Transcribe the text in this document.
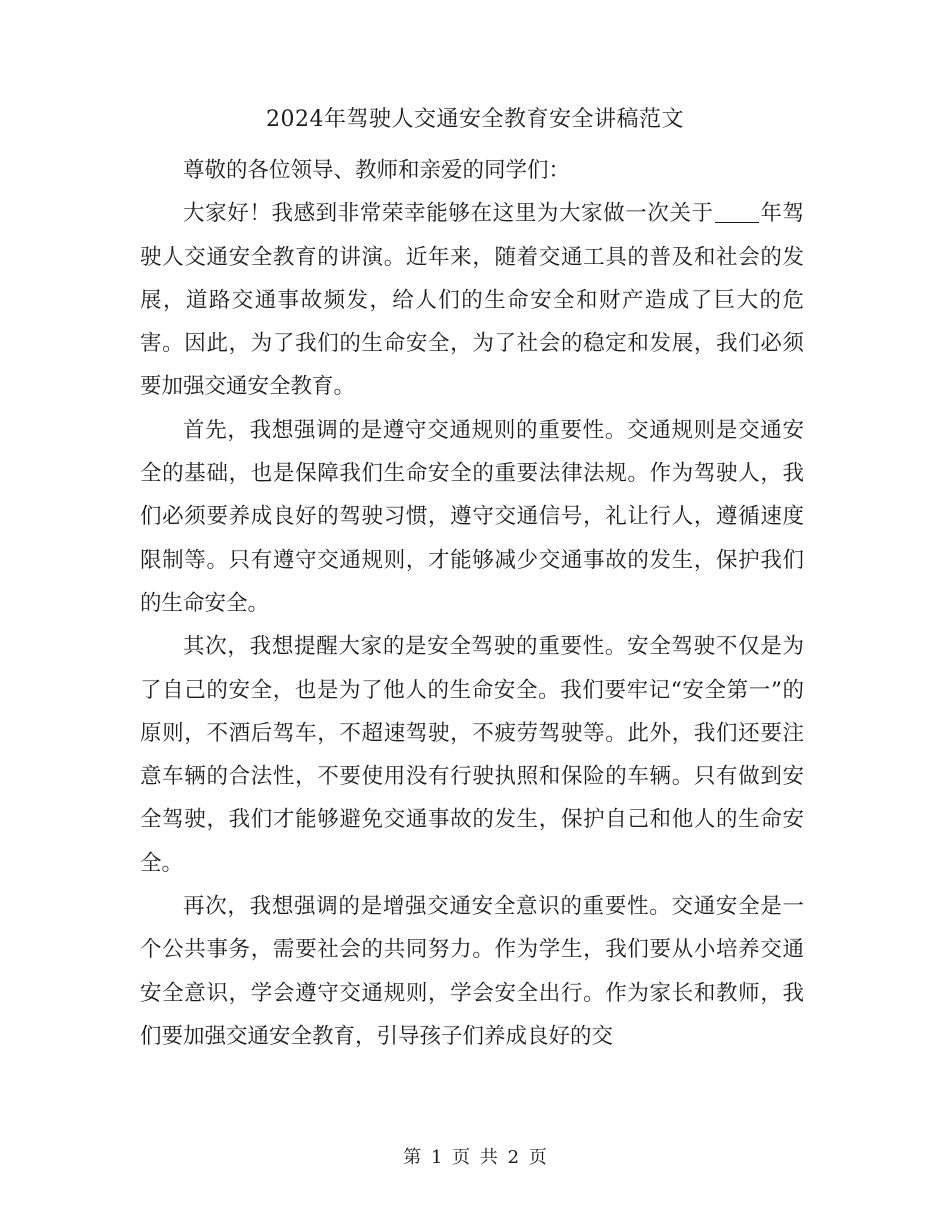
2024年驾驶人交通安全教育安全讲稿范文

尊敬的各位领导、教师和亲爱的同学们：

大家好！我感到非常荣幸能够在这里为大家做一次关于 年驾驶人交通安全教育的讲演。近年来，随着交通工具的普及和社会的发展，道路交通事故频发，给人们的生命安全和财产造成了巨大的危害。因此，为了我们的生命安全，为了社会的稳定和发展，我们必须要加强交通安全教育。

首先，我想强调的是遵守交通规则的重要性。交通规则是交通安全的基础，也是保障我们生命安全的重要法律法规。作为驾驶人，我们必须要养成良好的驾驶习惯，遵守交通信号，礼让行人，遵循速度限制等。只有遵守交通规则，才能够减少交通事故的发生，保护我们的生命安全。

其次，我想提醒大家的是安全驾驶的重要性。安全驾驶不仅是为了自己的安全，也是为了他人的生命安全。我们要牢记“安全第一”的原则，不酒后驾车，不超速驾驶，不疲劳驾驶等。此外，我们还要注意车辆的合法性，不要使用没有行驶执照和保险的车辆。只有做到安全驾驶，我们才能够避免交通事故的发生，保护自己和他人的生命安全。

再次，我想强调的是增强交通安全意识的重要性。交通安全是一个公共事务，需要社会的共同努力。作为学生，我们要从小培养交通安全意识，学会遵守交通规则，学会安全出行。作为家长和教师，我们要加强交通安全教育，引导孩子们养成良好的交

第 1 页 共 2 页
